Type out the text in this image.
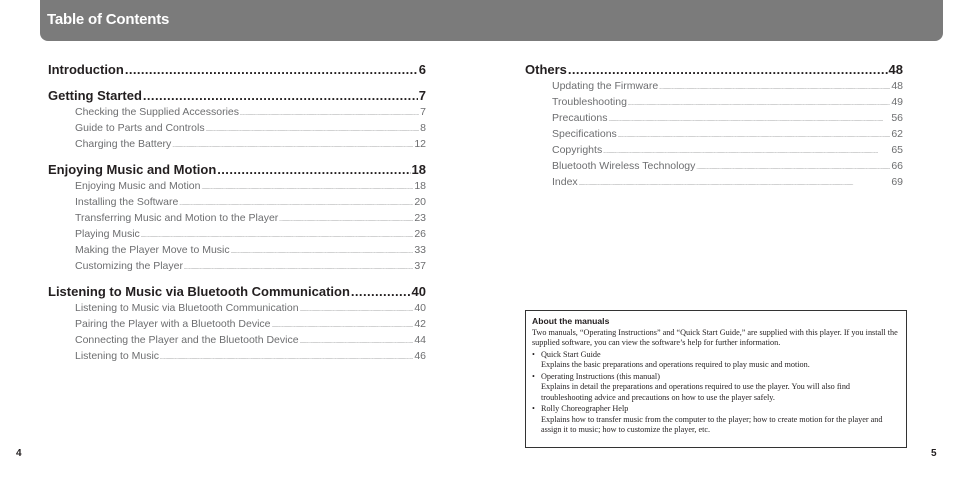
Table of Contents
Introduction .....	6
Getting Started .....	7
Checking the Supplied Accessories .....	7
Guide to Parts and Controls .....	8
Charging the Battery .....	12
Enjoying Music and Motion .....	18
Enjoying Music and Motion .....	18
Installing the Software .....	20
Transferring Music and Motion to the Player .....	23
Playing Music .....	26
Making the Player Move to Music .....	33
Customizing the Player .....	37
Listening to Music via Bluetooth Communication .....	40
Listening to Music via Bluetooth Communication .....	40
Pairing the Player with a Bluetooth Device .....	42
Connecting the Player and the Bluetooth Device .....	44
Listening to Music .....	46
Others .....	48
Updating the Firmware .....	48
Troubleshooting .....	49
Precautions .....	56
Specifications .....	62
Copyrights .....	65
Bluetooth Wireless Technology .....	66
Index .....	69
About the manuals
Two manuals, “Operating Instructions” and “Quick Start Guide,” are supplied with this player. If you install the supplied software, you can view the software’s help for further information.
• Quick Start Guide
Explains the basic preparations and operations required to play music and motion.
• Operating Instructions (this manual)
Explains in detail the preparations and operations required to use the player. You will also find troubleshooting advice and precautions on how to use the player safely.
• Rolly Choreographer Help
Explains how to transfer music from the computer to the player; how to create motion for the player and assign it to music; how to customize the player, etc.
4	5
